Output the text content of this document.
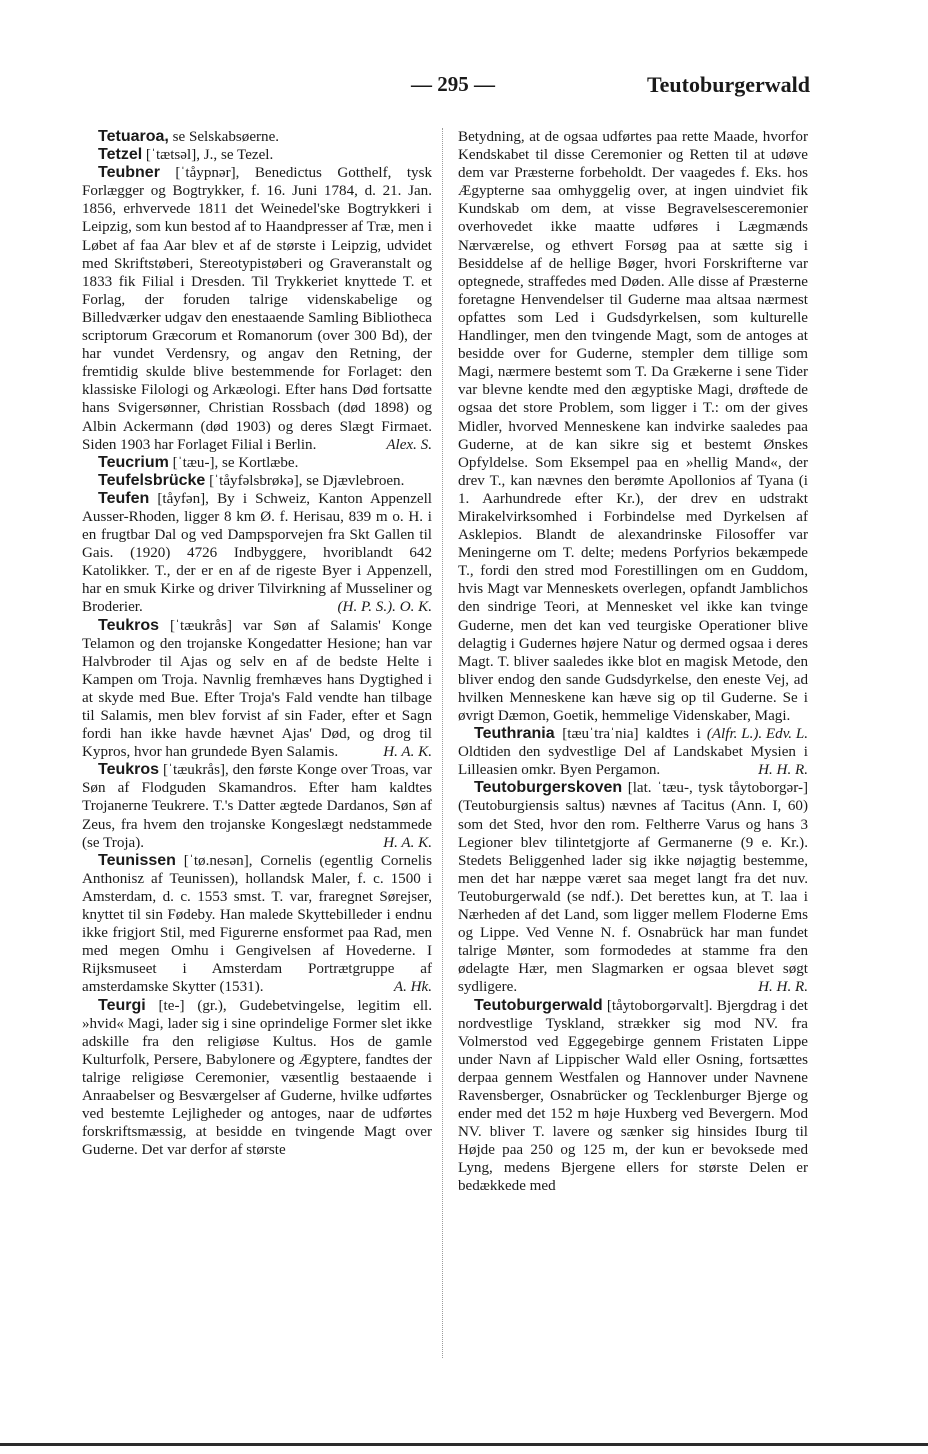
— 295 —	Teutoburgerwald

Tetuaroa, se Selskabsøerne.

Tetzel [ˈtætsəl], J., se Tezel.

Teubner [ˈtåypnər], Benedictus Gotthelf, tysk Forlægger og Bogtrykker, f. 16. Juni 1784, d. 21. Jan. 1856, erhvervede 1811 det Weinedel'ske Bogtrykkeri i Leipzig, som kun bestod af to Haandpresser af Træ, men i Løbet af faa Aar blev et af de største i Leipzig, udvidet med Skriftstøberi, Stereotypistøberi og Graveranstalt og 1833 fik Filial i Dresden. Til Trykkeriet knyttede T. et Forlag, der foruden talrige videnskabelige og Billedværker udgav den enestaaende Samling Bibliotheca scriptorum Græcorum et Romanorum (over 300 Bd), der har vundet Verdensry, og angav den Retning, der fremtidig skulde blive bestemmende for Forlaget: den klassiske Filologi og Arkæologi. Efter hans Død fortsatte hans Svigersønner, Christian Rossbach (død 1898) og Albin Ackermann (død 1903) og deres Slægt Firmaet. Siden 1903 har Forlaget Filial i Berlin.	Alex. S.

Teucrium [ˈtæu-], se Kortlæbe.

Teufelsbrücke [ˈtåyfəlsbrøkə], se Djævlebroen.

Teufen [tåyfən], By i Schweiz, Kanton Appenzell Ausser-Rhoden, ligger 8 km Ø. f. Herisau, 839 m o. H. i en frugtbar Dal og ved Dampsporvejen fra Skt Gallen til Gais. (1920) 4726 Indbyggere, hvoriblandt 642 Katolikker. T., der er en af de rigeste Byer i Appenzell, har en smuk Kirke og driver Tilvirkning af Musseliner og Broderier.	(H. P. S.). O. K.

Teukros [ˈtæukrås] var Søn af Salamis' Konge Telamon og den trojanske Kongedatter Hesione; han var Halvbroder til Ajas og selv en af de bedste Helte i Kampen om Troja. Navnlig fremhæves hans Dygtighed i at skyde med Bue. Efter Troja's Fald vendte han tilbage til Salamis, men blev forvist af sin Fader, efter et Sagn fordi han ikke havde hævnet Ajas' Død, og drog til Kypros, hvor han grundede Byen Salamis.	H. A. K.

Teukros [ˈtæukrås], den første Konge over Troas, var Søn af Flodguden Skamandros. Efter ham kaldtes Trojanerne Teukrere. T.'s Datter ægtede Dardanos, Søn af Zeus, fra hvem den trojanske Kongeslægt nedstammede (se Troja).	H. A. K.

Teunissen [ˈtø.nesən], Cornelis (egentlig Cornelis Anthonisz af Teunissen), hollandsk Maler, f. c. 1500 i Amsterdam, d. c. 1553 smst. T. var, fraregnet Sørejser, knyttet til sin Fødeby. Han malede Skyttebilleder i endnu ikke frigjort Stil, med Figurerne ensformet paa Rad, men med megen Omhu i Gengivelsen af Hovederne. I Rijksmuseet i Amsterdam Portrætgruppe af amsterdamske Skytter (1531).	A. Hk.

Teurgi [te-] (gr.), Gudebetvingelse, legitim ell. »hvid« Magi, lader sig i sine oprindelige Former slet ikke adskille fra den religiøse Kultus. Hos de gamle Kulturfolk, Persere, Babylonere og Ægyptere, fandtes der talrige religiøse Ceremonier, væsentlig bestaaende i Anraabelser og Besværgelser af Guderne, hvilke udførtes ved bestemte Lejligheder og antoges, naar de udførtes forskriftsmæssig, at besidde en tvingende Magt over Guderne. Det var derfor af største

Betydning, at de ogsaa udførtes paa rette Maade, hvorfor Kendskabet til disse Ceremonier og Retten til at udøve dem var Præsterne forbeholdt. Der vaagedes f. Eks. hos Ægypterne saa omhyggelig over, at ingen uindviet fik Kundskab om dem, at visse Begravelsesceremonier overhovedet ikke maatte udføres i Lægmænds Nærværelse, og ethvert Forsøg paa at sætte sig i Besiddelse af de hellige Bøger, hvori Forskrifterne var optegnede, straffedes med Døden. Alle disse af Præsterne foretagne Henvendelser til Guderne maa altsaa nærmest opfattes som Led i Gudsdyrkelsen, som kulturelle Handlinger, men den tvingende Magt, som de antoges at besidde over for Guderne, stempler dem tillige som Magi, nærmere bestemt som T. Da Grækerne i sene Tider var blevne kendte med den ægyptiske Magi, drøftede de ogsaa det store Problem, som ligger i T.: om der gives Midler, hvorved Menneskene kan indvirke saaledes paa Guderne, at de kan sikre sig et bestemt Ønskes Opfyldelse. Som Eksempel paa en »hellig Mand«, der drev T., kan nævnes den berømte Apollonios af Tyana (i 1. Aarhundrede efter Kr.), der drev en udstrakt Mirakelvirksomhed i Forbindelse med Dyrkelsen af Asklepios. Blandt de alexandrinske Filosoffer var Meningerne om T. delte; medens Porfyrios bekæmpede T., fordi den stred mod Forestillingen om en Guddom, hvis Magt var Menneskets overlegen, opfandt Jamblichos den sindrige Teori, at Mennesket vel ikke kan tvinge Guderne, men det kan ved teurgiske Operationer blive delagtig i Gudernes højere Natur og dermed ogsaa i deres Magt. T. bliver saaledes ikke blot en magisk Metode, den bliver endog den sande Gudsdyrkelse, den eneste Vej, ad hvilken Menneskene kan hæve sig op til Guderne. Se i øvrigt Dæmon, Goetik, hemmelige Videnskaber, Magi.
(Alfr. L.). Edv. L.

Teuthrania [tæuˈtraˈnia] kaldtes i Oldtiden den sydvestlige Del af Landskabet Mysien i Lilleasien omkr. Byen Pergamon.	H. H. R.

Teutoburgerskoven [lat. ˈtæu-, tysk tåytoborgər-] (Teutoburgiensis saltus) nævnes af Tacitus (Ann. I, 60) som det Sted, hvor den rom. Feltherre Varus og hans 3 Legioner blev tilintetgjorte af Germanerne (9 e. Kr.). Stedets Beliggenhed lader sig ikke nøjagtig bestemme, men det har næppe været saa meget langt fra det nuv. Teutoburgerwald (se ndf.). Det berettes kun, at T. laa i Nærheden af det Land, som ligger mellem Floderne Ems og Lippe. Ved Venne N. f. Osnabrück har man fundet talrige Mønter, som formodedes at stamme fra den ødelagte Hær, men Slagmarken er ogsaa blevet søgt sydligere.	H. H. R.

Teutoburgerwald [tåytoborgərvalt]. Bjergdrag i det nordvestlige Tyskland, strækker sig mod NV. fra Volmerstod ved Eggegebirge gennem Fristaten Lippe under Navn af Lippischer Wald eller Osning, fortsættes derpaa gennem Westfalen og Hannover under Navnene Ravensberger, Osnabrücker og Tecklenburger Bjerge og ender med det 152 m høje Huxberg ved Bevergern. Mod NV. bliver T. lavere og sænker sig hinsides Iburg til Højde paa 250 og 125 m, der kun er bevoksede med Lyng, medens Bjergene ellers for største Delen er bedækkede med
